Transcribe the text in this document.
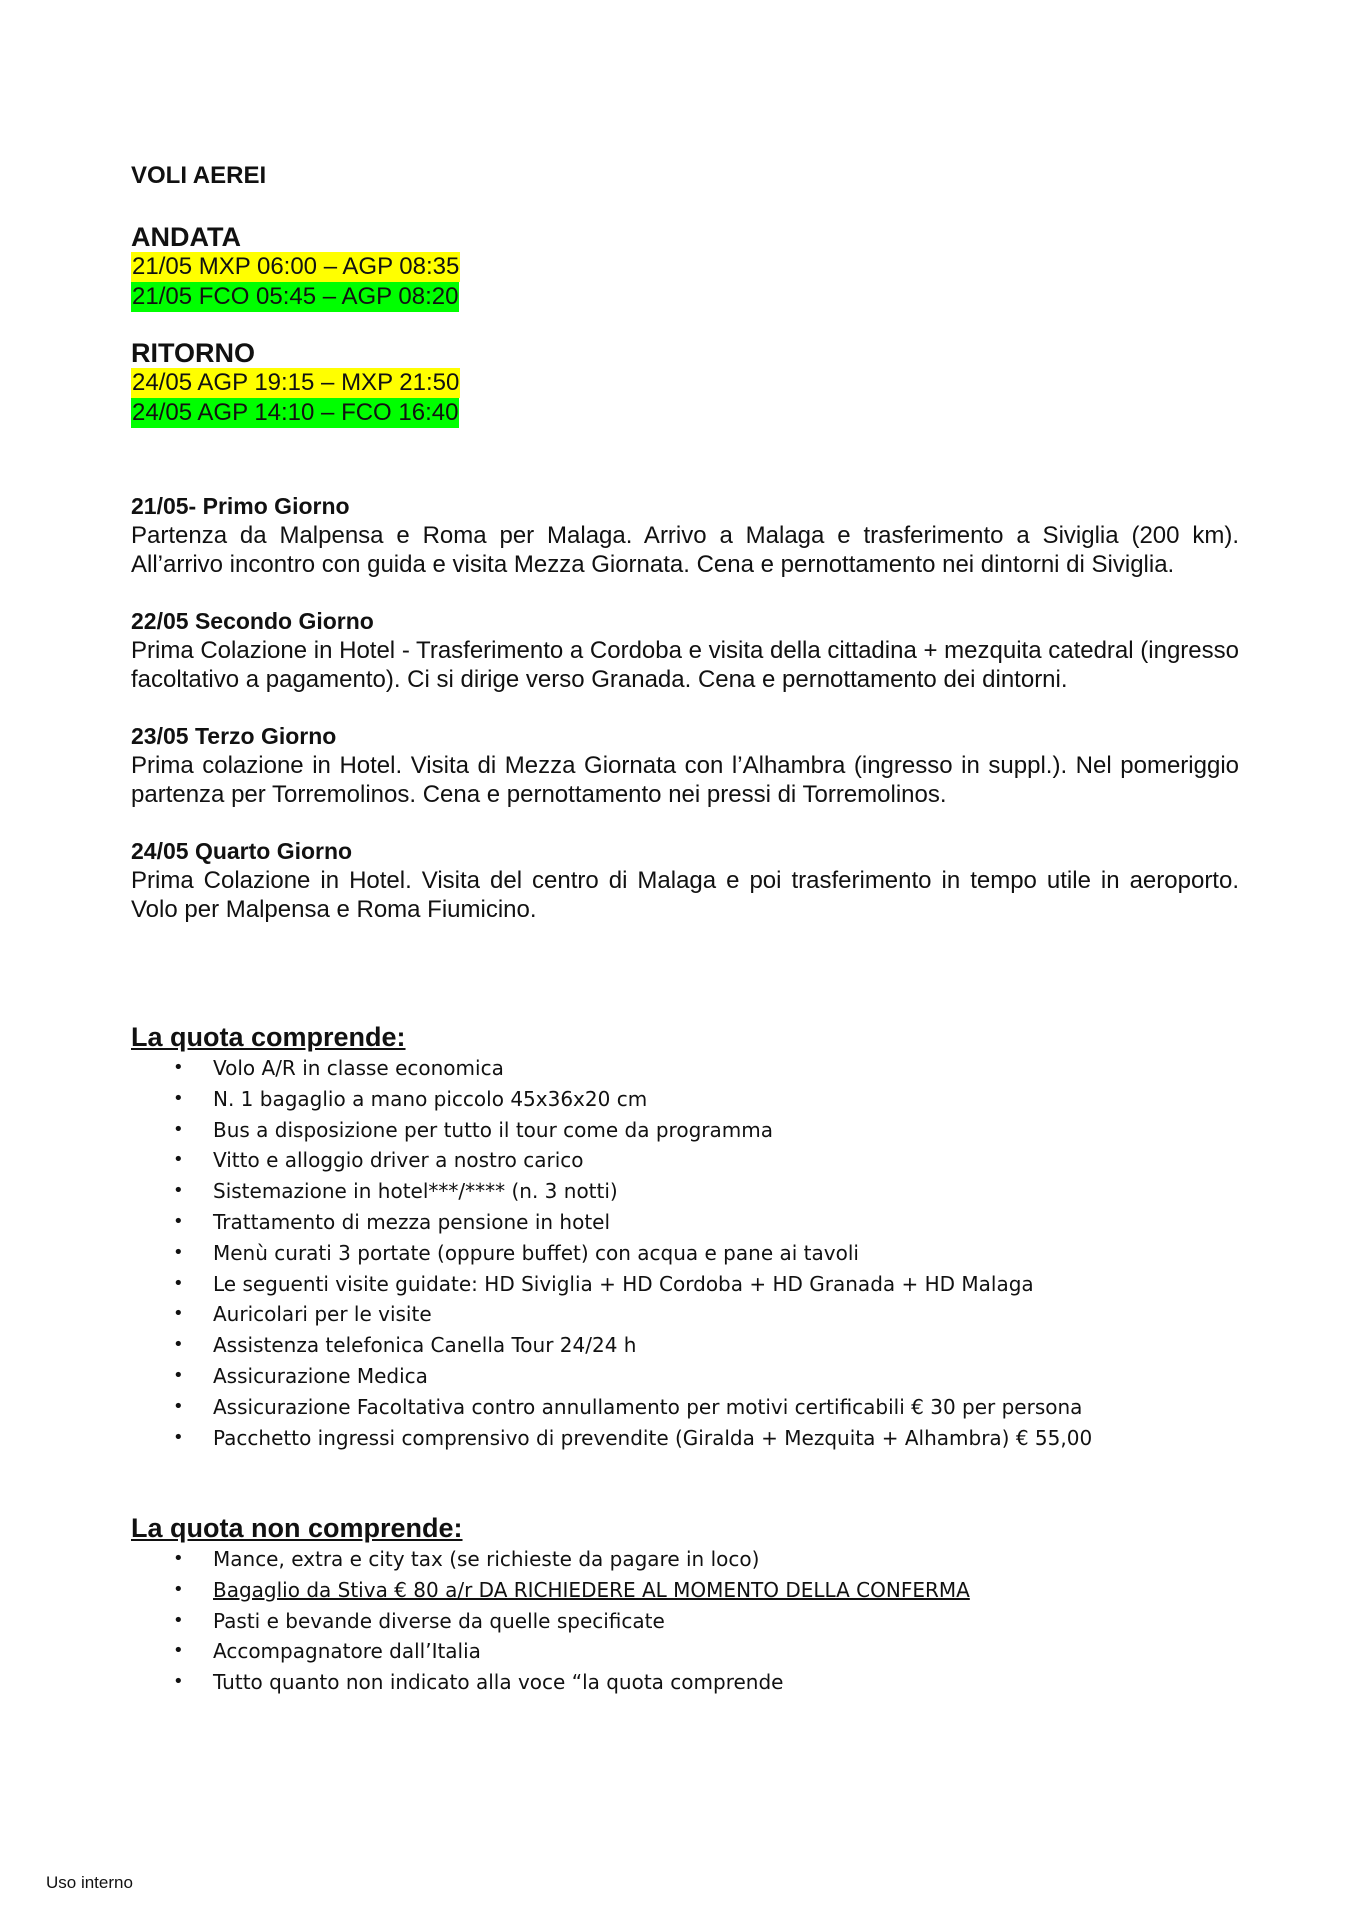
VOLI AEREI
ANDATA
21/05 MXP 06:00 – AGP 08:35
21/05 FCO 05:45 – AGP 08:20
RITORNO
24/05 AGP 19:15 – MXP 21:50
24/05 AGP 14:10 – FCO 16:40
21/05- Primo Giorno

Partenza da Malpensa e Roma per Malaga. Arrivo a Malaga e trasferimento a Siviglia (200 km). All’arrivo incontro con guida e visita Mezza Giornata. Cena e pernottamento nei dintorni di Siviglia.

22/05 Secondo Giorno

Prima Colazione in Hotel - Trasferimento a Cordoba e visita della cittadina + mezquita catedral (ingresso facoltativo a pagamento). Ci si dirige verso Granada. Cena e pernottamento dei dintorni.

23/05 Terzo Giorno

Prima colazione in Hotel. Visita di Mezza Giornata con l’Alhambra (ingresso in suppl.). Nel pomeriggio partenza per Torremolinos. Cena e pernottamento nei pressi di Torremolinos.

24/05 Quarto Giorno

Prima Colazione in Hotel. Visita del centro di Malaga e poi trasferimento in tempo utile in aeroporto. Volo per Malpensa e Roma Fiumicino.

La quota comprende:
• Volo A/R in classe economica
• N. 1 bagaglio a mano piccolo 45x36x20 cm
• Bus a disposizione per tutto il tour come da programma
• Vitto e alloggio driver a nostro carico
• Sistemazione in hotel***/**** (n. 3 notti)
• Trattamento di mezza pensione in hotel
• Menù curati 3 portate (oppure buffet) con acqua e pane ai tavoli
• Le seguenti visite guidate: HD Siviglia + HD Cordoba + HD Granada + HD Malaga
• Auricolari per le visite
• Assistenza telefonica Canella Tour 24/24 h
• Assicurazione Medica
• Assicurazione Facoltativa contro annullamento per motivi certificabili € 30 per persona
• Pacchetto ingressi comprensivo di prevendite (Giralda + Mezquita + Alhambra) € 55,00
La quota non comprende:
• Mance, extra e city tax (se richieste da pagare in loco)
• Bagaglio da Stiva € 80 a/r DA RICHIEDERE AL MOMENTO DELLA CONFERMA
• Pasti e bevande diverse da quelle specificate
• Accompagnatore dall’Italia
• Tutto quanto non indicato alla voce “la quota comprende
Uso interno
